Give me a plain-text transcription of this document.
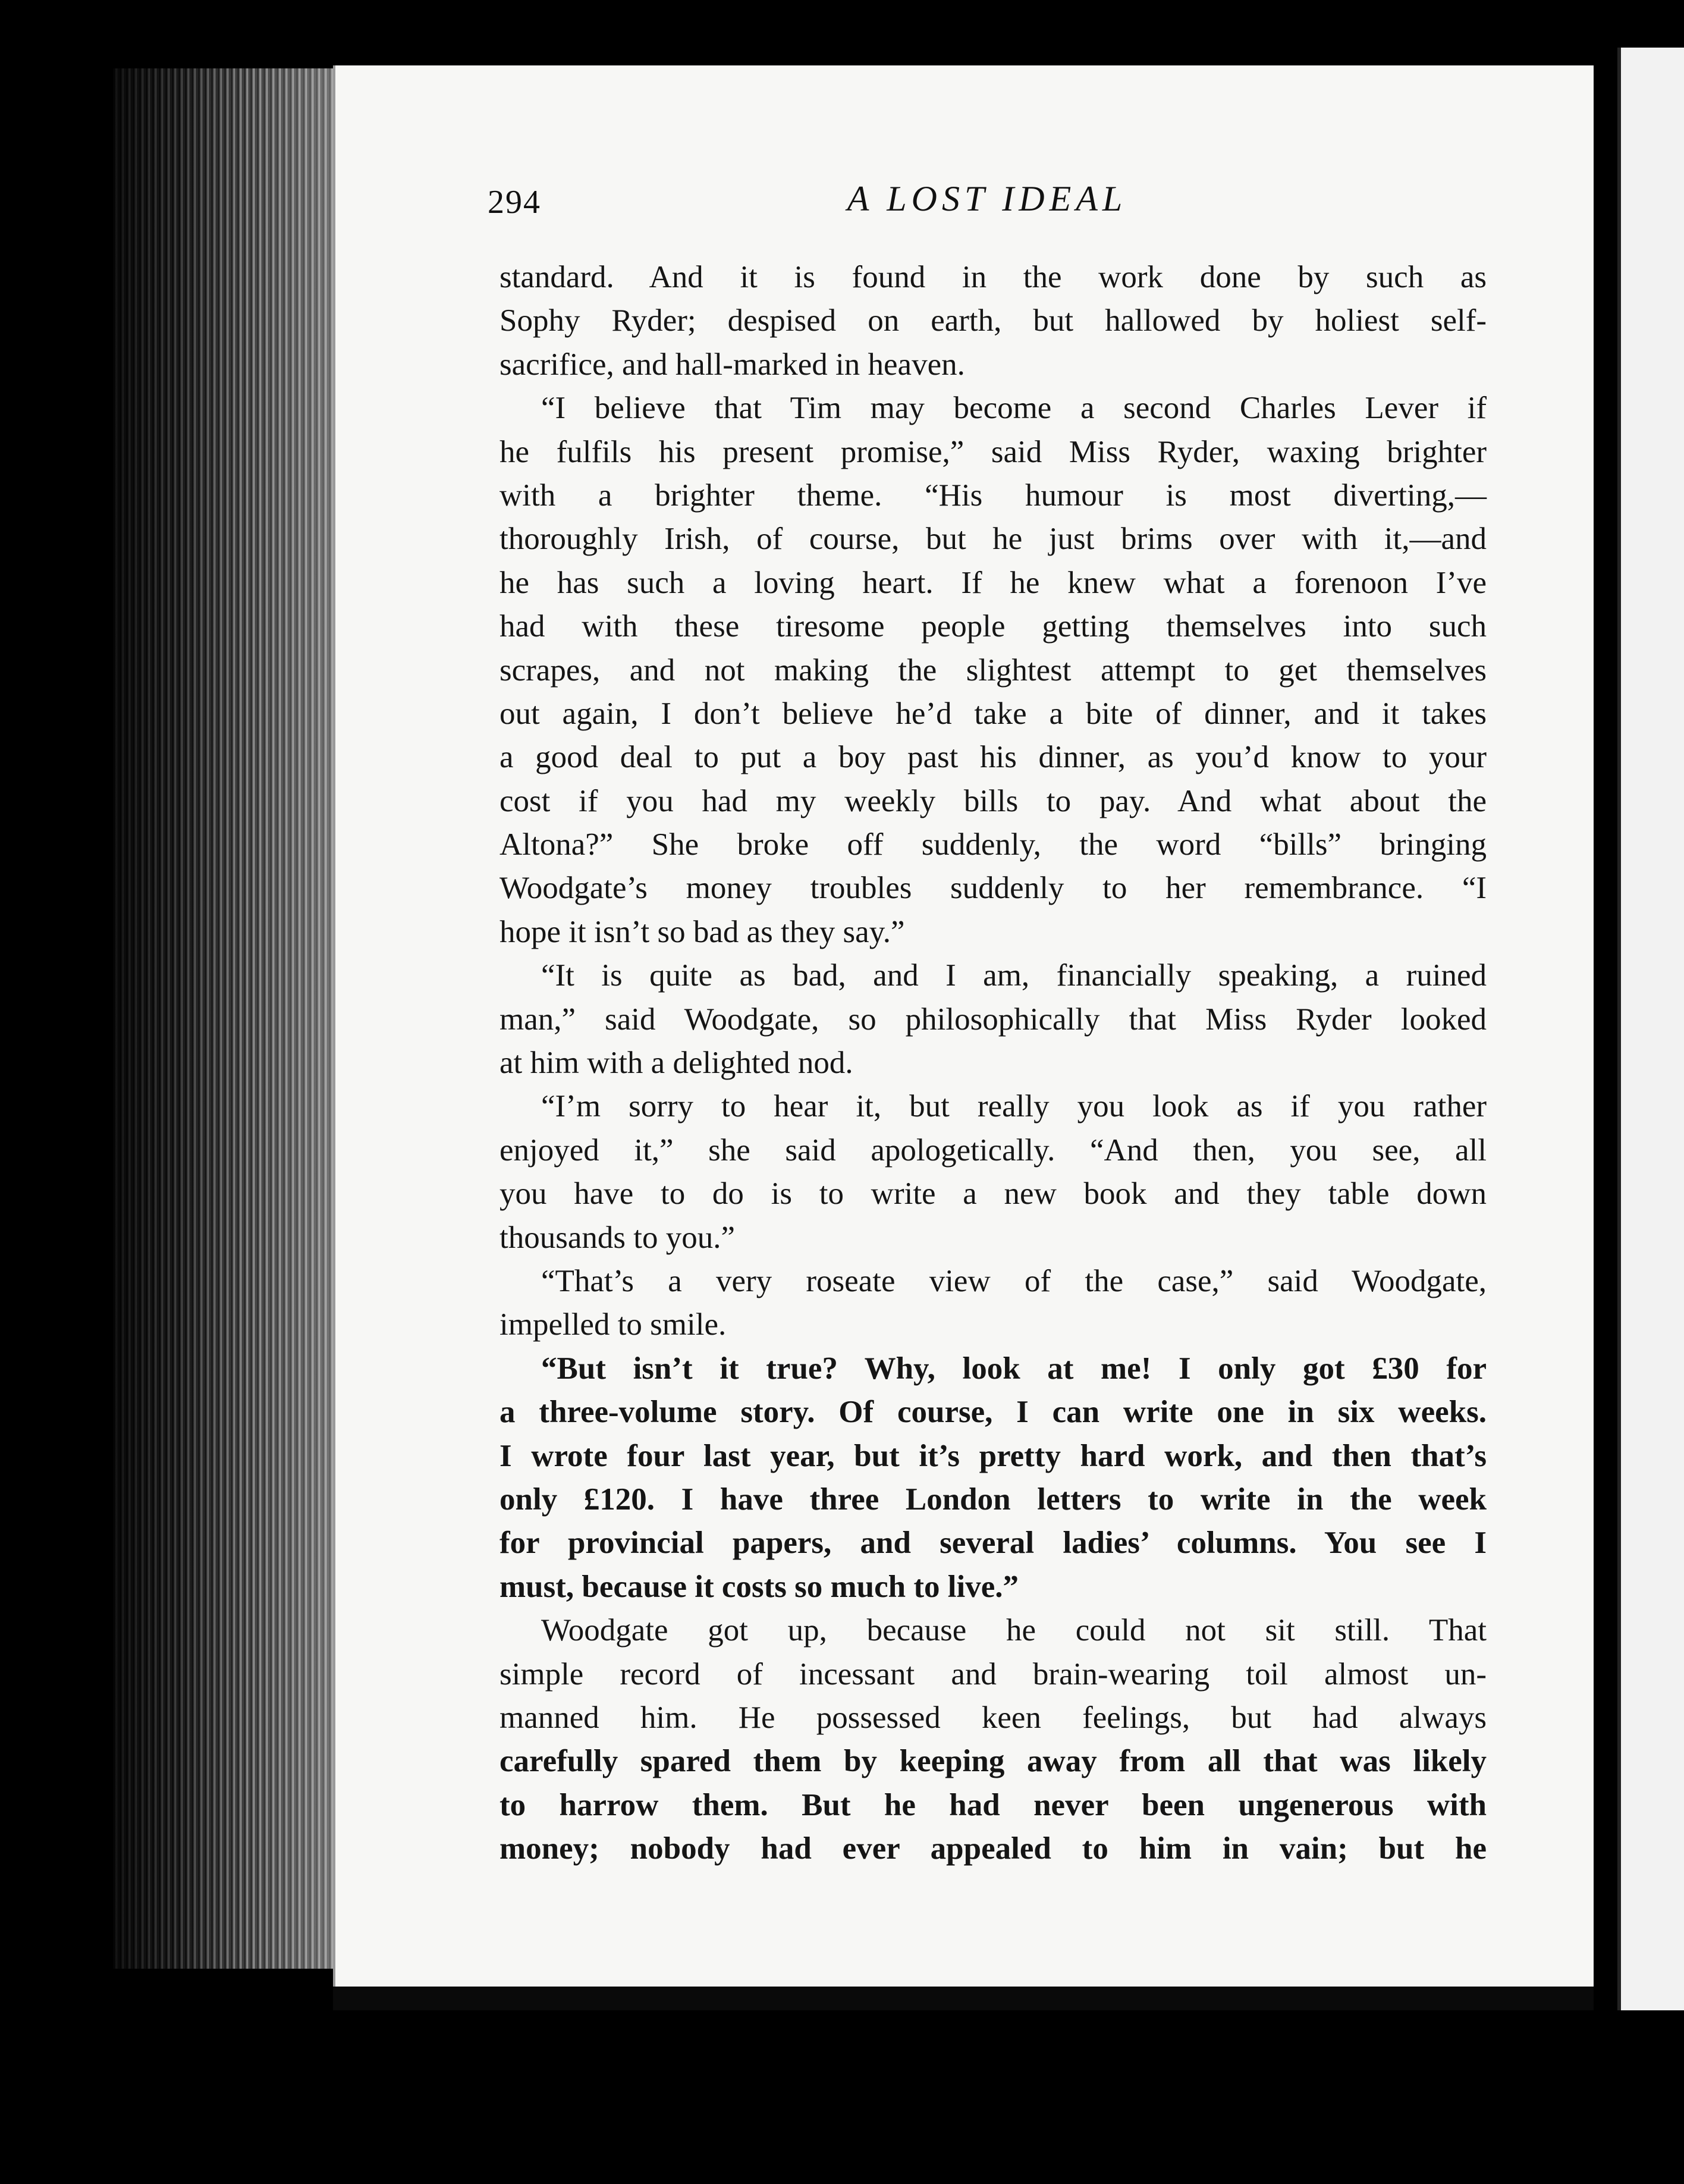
294	A LOST IDEAL
standard. And it is found in the work done by such as
Sophy Ryder; despised on earth, but hallowed by holiest self-
sacrifice, and hall-marked in heaven.
“I believe that Tim may become a second Charles Lever if
he fulfils his present promise,” said Miss Ryder, waxing brighter
with a brighter theme. “His humour is most diverting,—
thoroughly Irish, of course, but he just brims over with it,—and
he has such a loving heart. If he knew what a forenoon I’ve
had with these tiresome people getting themselves into such
scrapes, and not making the slightest attempt to get themselves
out again, I don’t believe he’d take a bite of dinner, and it takes
a good deal to put a boy past his dinner, as you’d know to your
cost if you had my weekly bills to pay. And what about the
Altona?” She broke off suddenly, the word “bills” bringing
Woodgate’s money troubles suddenly to her remembrance. “I
hope it isn’t so bad as they say.”
“It is quite as bad, and I am, financially speaking, a ruined
man,” said Woodgate, so philosophically that Miss Ryder looked
at him with a delighted nod.
“I’m sorry to hear it, but really you look as if you rather
enjoyed it,” she said apologetically. “And then, you see, all
you have to do is to write a new book and they table down
thousands to you.”
“That’s a very roseate view of the case,” said Woodgate,
impelled to smile.
“But isn’t it true? Why, look at me! I only got £30 for
a three-volume story. Of course, I can write one in six weeks.
I wrote four last year, but it’s pretty hard work, and then that’s
only £120. I have three London letters to write in the week
for provincial papers, and several ladies’ columns. You see I
must, because it costs so much to live.”
Woodgate got up, because he could not sit still. That
simple record of incessant and brain-wearing toil almost un-
manned him. He possessed keen feelings, but had always
carefully spared them by keeping away from all that was likely
to harrow them. But he had never been ungenerous with
money; nobody had ever appealed to him in vain; but he
